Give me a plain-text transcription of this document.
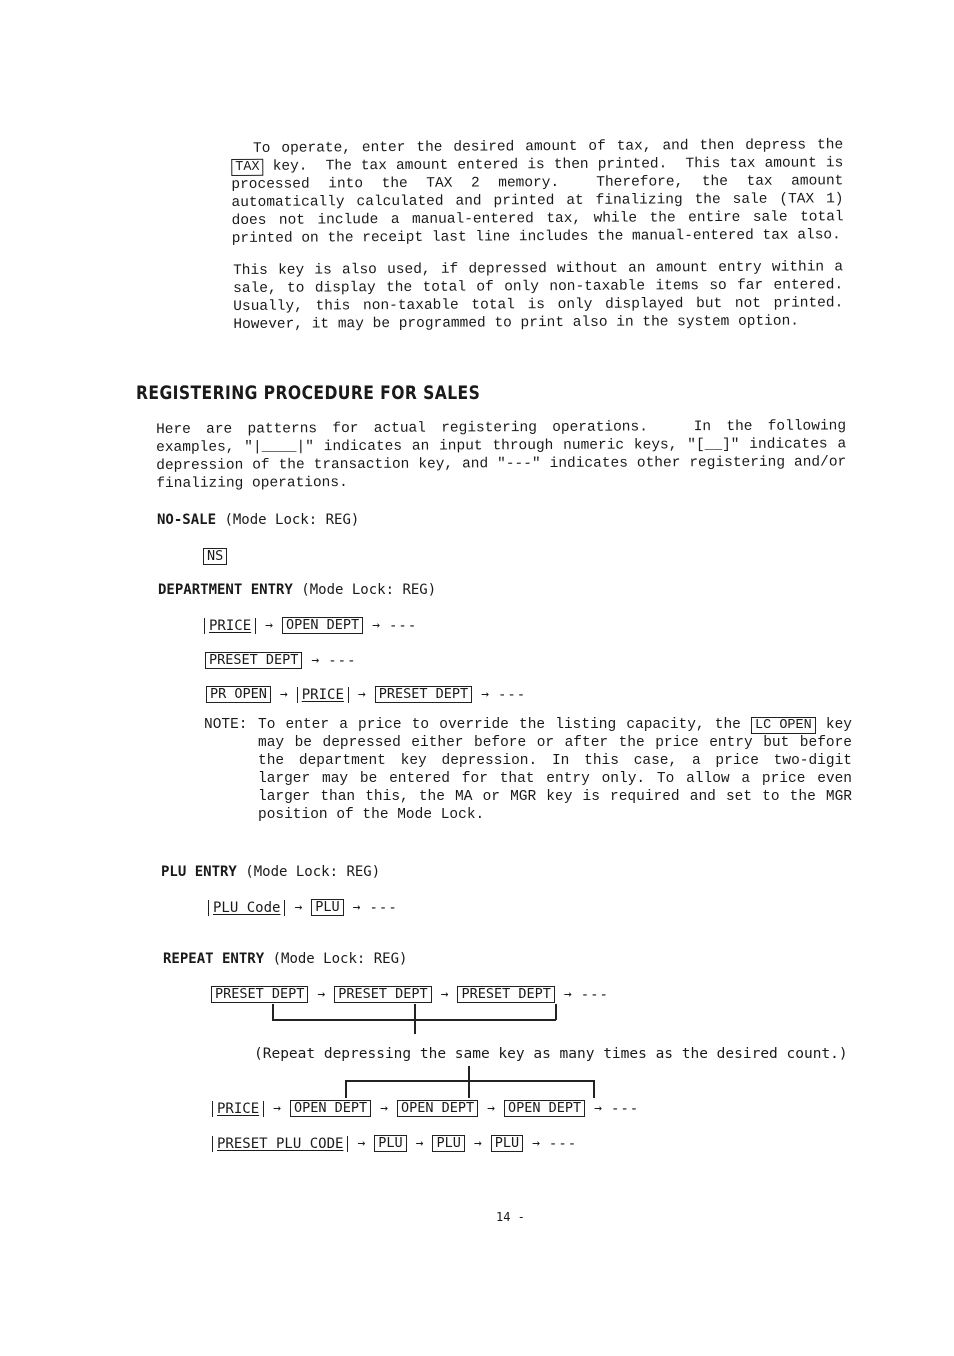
To operate, enter the desired amount of tax, and then depress the TAX key.  The tax amount entered is then printed.  This tax amount is processed into the TAX 2 memory.  Therefore, the tax amount automatically calculated and printed at finalizing the sale (TAX 1) does not include a manual-entered tax, while the entire sale total printed on the receipt last line includes the manual-entered tax also.

This key is also used, if depressed without an amount entry within a sale, to display the total of only non-taxable items so far entered.  Usually, this non-taxable total is only displayed but not printed.  However, it may be programmed to print also in the system option.
REGISTERING PROCEDURE FOR SALES
Here are patterns for actual registering operations.   In the following examples, "|____|" indicates an input through numeric keys, "[__]" indicates a depression of the transaction key, and "---" indicates other registering and/or finalizing operations.
NO-SALE (Mode Lock: REG)
NS
DEPARTMENT ENTRY (Mode Lock: REG)
PRICE	→ OPEN DEPT	→ ---
PRESET DEPT	→ ---
PR OPEN	→	PRICE	→ PRESET DEPT	→ ---
NOTE: To enter a price to override the listing capacity, the LC OPEN key may be depressed either before or after the price entry but before the department key depression. In this case, a price two-digit larger may be entered for that entry only. To allow a price even larger than this, the MA or MGR key is required and set to the MGR position of the Mode Lock.
PLU ENTRY (Mode Lock: REG)
PLU Code	→ PLU	→ ---
REPEAT ENTRY (Mode Lock: REG)
PRESET DEPT	→ PRESET DEPT	→ PRESET DEPT	→ ---
(Repeat depressing the same key as many times as the desired count.)
PRICE	→ OPEN DEPT	→ OPEN DEPT	→ OPEN DEPT	→ ---
PRESET PLU CODE	→ PLU	→ PLU	→ PLU	→ ---
14 -
